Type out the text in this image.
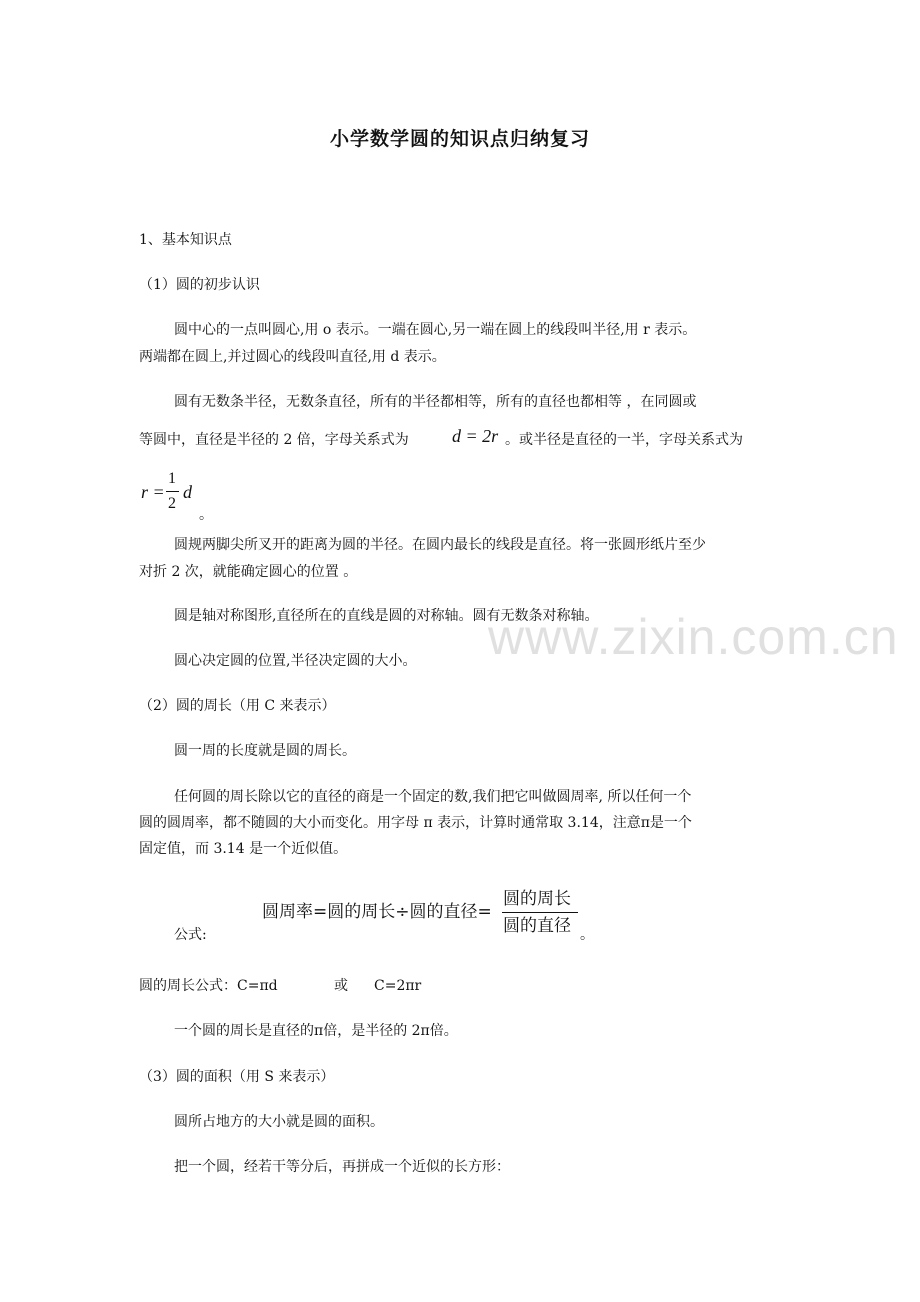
www.zixin.com.cn
小学数学圆的知识点归纳复习
1、基本知识点
（1）圆的初步认识
圆中心的一点叫圆心,用 o 表示。一端在圆心,另一端在圆上的线段叫半径,用 r 表示。
两端都在圆上,并过圆心的线段叫直径,用 d 表示。
圆有无数条半径，无数条直径，所有的半径都相等，所有的直径也都相等 ，在同圆或
等圆中，直径是半径的 2 倍，字母关系式为 d = 2r 。或半径是直径的一半，字母关系式为
r =
1
2
d
。
圆规两脚尖所叉开的距离为圆的半径。在圆内最长的线段是直径。将一张圆形纸片至少
对折 2 次，就能确定圆心的位置 。
圆是轴对称图形,直径所在的直线是圆的对称轴。圆有无数条对称轴。
圆心决定圆的位置,半径决定圆的大小。
（2）圆的周长（用 C 来表示）
圆一周的长度就是圆的周长。
任何圆的周长除以它的直径的商是一个固定的数,我们把它叫做圆周率, 所以任何一个
圆的圆周率，都不随圆的大小而变化。用字母 π 表示，计算时通常取 3.14，注意π是一个
固定值，而 3.14 是一个近似值。
公式:
圆周率=圆的周长÷圆的直径=
圆的周长
圆的直径 。
圆的周长公式：C=πd	或 C=2πr
一个圆的周长是直径的π倍，是半径的 2π倍。
（3）圆的面积（用 S 来表示）
圆所占地方的大小就是圆的面积。
把一个圆，经若干等分后，再拼成一个近似的长方形：
